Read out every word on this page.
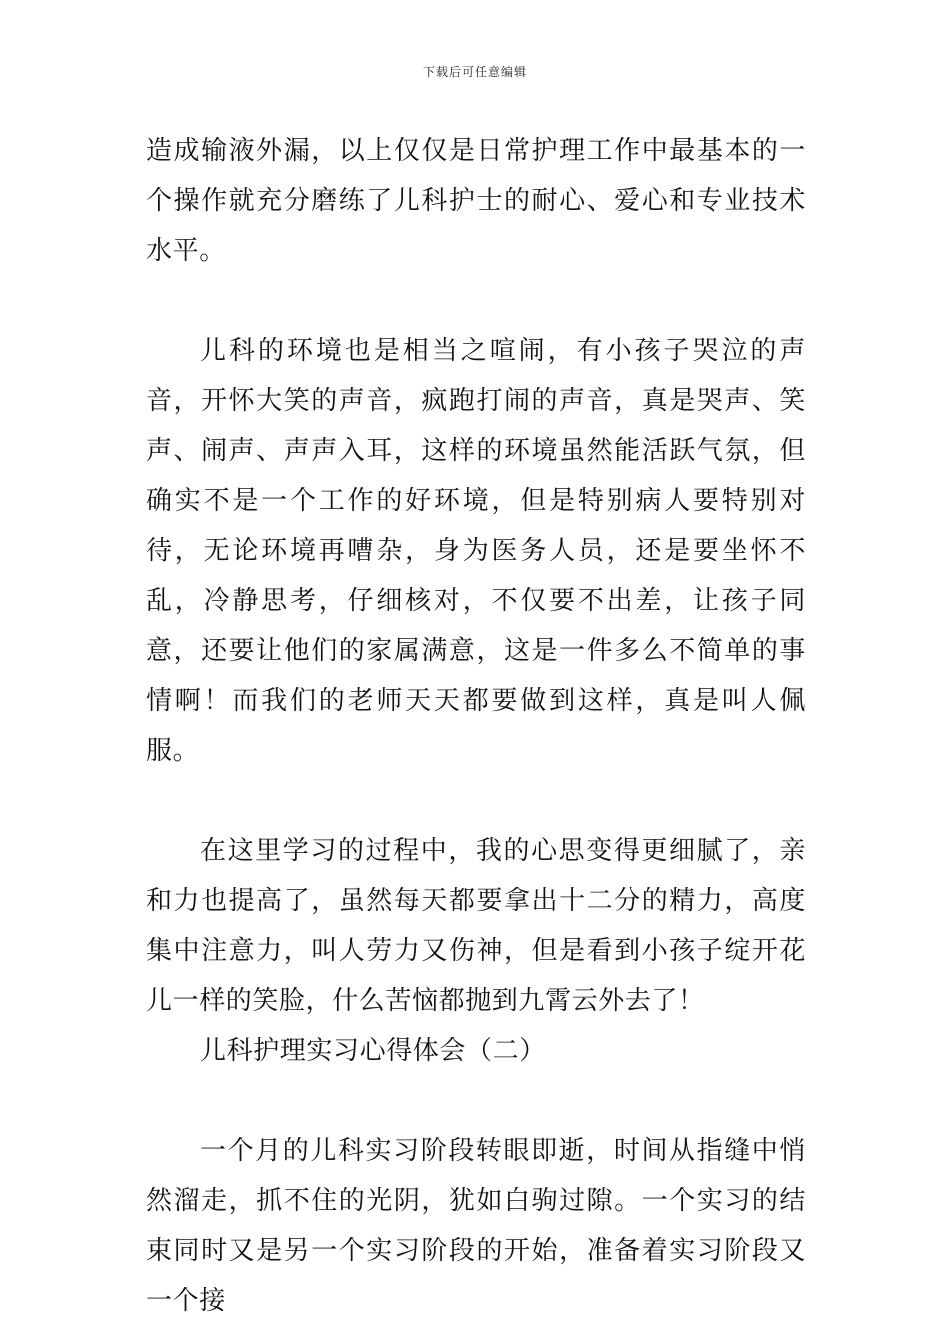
下载后可任意编辑

造成输液外漏，以上仅仅是日常护理工作中最基本的一个操作就充分磨练了儿科护士的耐心、爱心和专业技术水平。

儿科的环境也是相当之喧闹，有小孩子哭泣的声音，开怀大笑的声音，疯跑打闹的声音，真是哭声、笑声、闹声、声声入耳，这样的环境虽然能活跃气氛，但确实不是一个工作的好环境，但是特别病人要特别对待，无论环境再嘈杂，身为医务人员，还是要坐怀不乱，冷静思考，仔细核对，不仅要不出差，让孩子同意，还要让他们的家属满意，这是一件多么不简单的事情啊！而我们的老师天天都要做到这样，真是叫人佩服。

在这里学习的过程中，我的心思变得更细腻了，亲和力也提高了，虽然每天都要拿出十二分的精力，高度集中注意力，叫人劳力又伤神，但是看到小孩子绽开花儿一样的笑脸，什么苦恼都抛到九霄云外去了！

儿科护理实习心得体会（二）

一个月的儿科实习阶段转眼即逝，时间从指缝中悄然溜走，抓不住的光阴，犹如白驹过隙。一个实习的结束同时又是另一个实习阶段的开始，准备着实习阶段又一个接
